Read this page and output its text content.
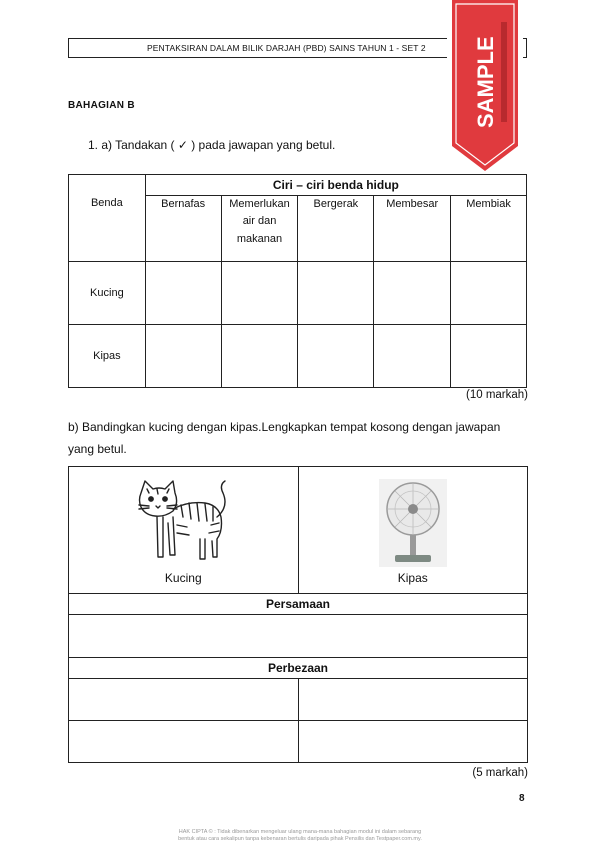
PENTAKSIRAN DALAM BILIK DARJAH (PBD) SAINS TAHUN 1 - SET 2	SAMPLE
BAHAGIAN B
1. a) Tandakan ( ✓ ) pada jawapan yang betul.
Benda	Ciri – ciri benda hidup				
	Bernafas	Memerlukan
air dan
makanan	Bergerak	Membesar	Membiak
Kucing					
Kipas					
(10 markah)
b) Bandingkan kucing dengan kipas.Lengkapkan tempat kosong dengan jawapan
yang betul.
Kucing	Kipas

Persamaan	

Perbezaan	

(5 markah)
8
HAK CIPTA © : Tidak dibenarkan mengeluar ulang mana-mana bahagian modul ini dalam sebarang
bentuk atau cara sekalipun tanpa kebenaran bertulis daripada pihak Pensilis dan Testpaper.com.my.
